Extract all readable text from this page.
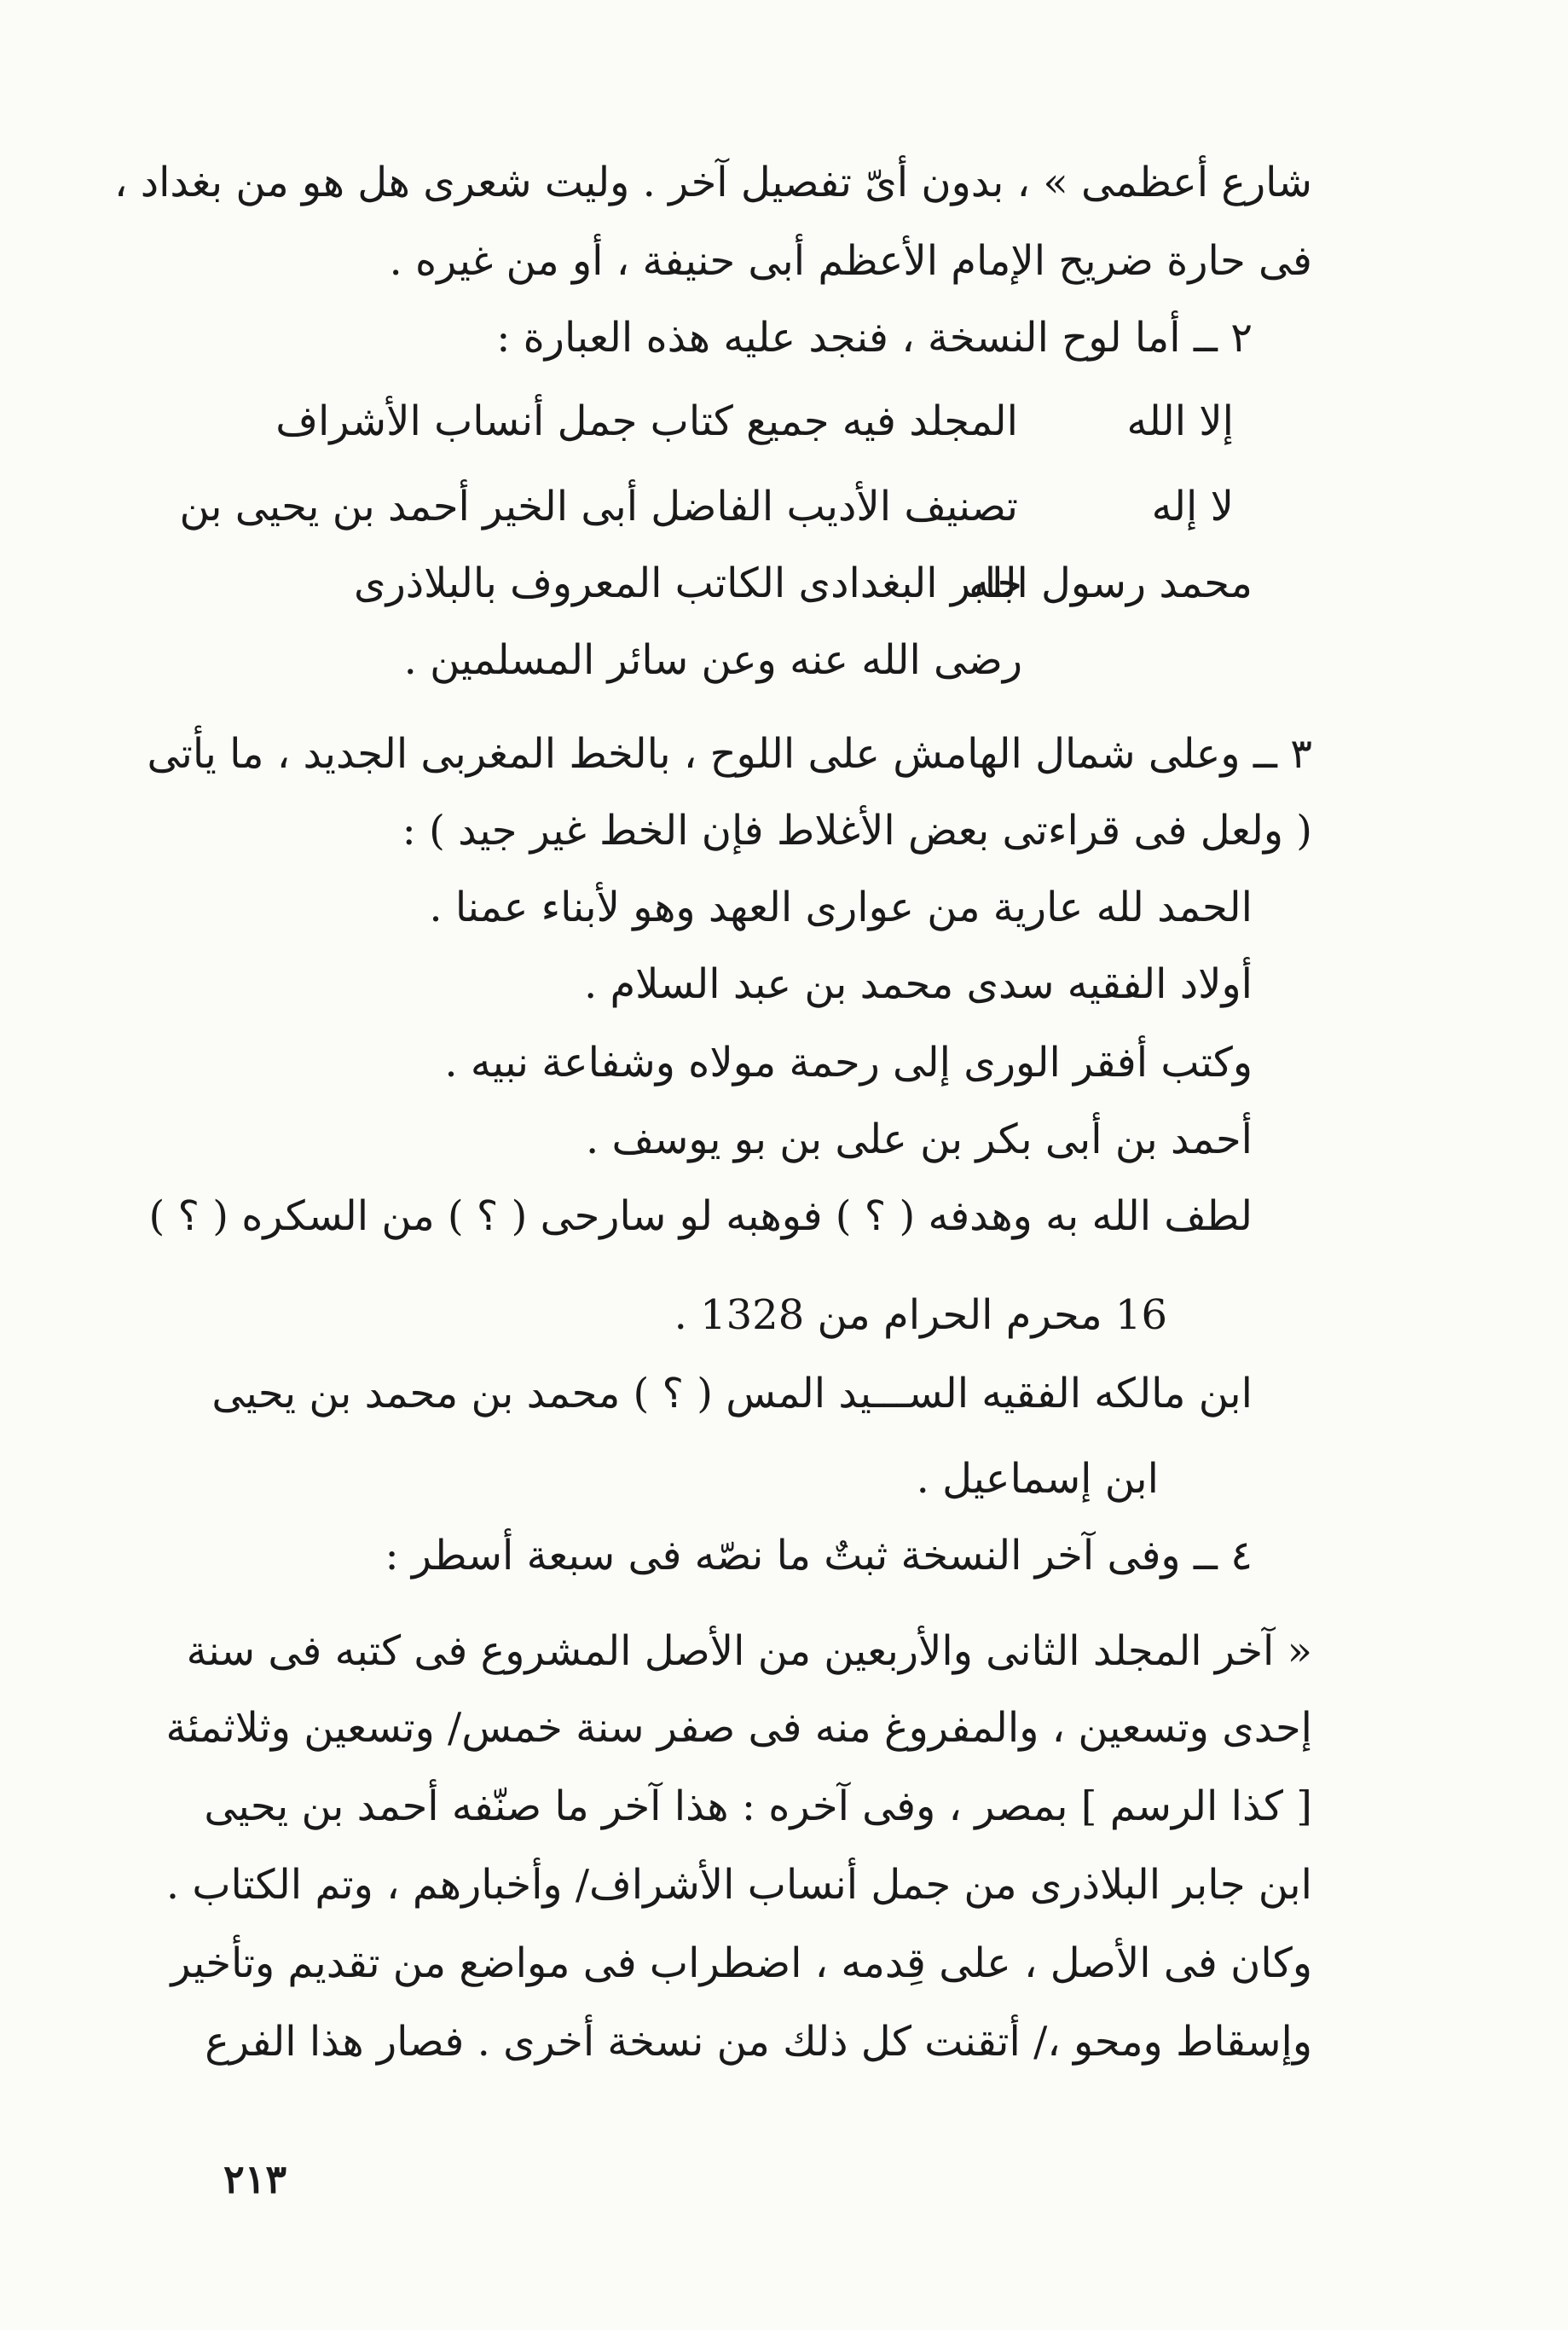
شارع أعظمى » ، بدون أىّ تفصيل آخر . وليت شعرى هل هو من بغداد ،
فى حارة ضريح الإمام الأعظم أبى حنيفة ، أو من غيره .
٢ ــ أما لوح النسخة ، فنجد عليه هذه العبارة :
إلا الله
المجلد فيه جميع كتاب جمل أنساب الأشراف
لا إله
تصنيف الأديب الفاضل أبى الخير أحمد بن يحيى بن
محمد رسول الله
جابر البغدادى الكاتب المعروف بالبلاذرى
رضى الله عنه وعن سائر المسلمين .
٣ ــ وعلى شمال الهامش على اللوح ، بالخط المغربى الجديد ، ما يأتى
( ولعل فى قراءتى بعض الأغلاط فإن الخط غير جيد ) :
الحمد لله عارية من عوارى العهد وهو لأبناء عمنا .
أولاد الفقيه سدى محمد بن عبد السلام .
وكتب أفقر الورى إلى رحمة مولاه وشفاعة نبيه .
أحمد بن أبى بكر بن على بن بو يوسف .
لطف الله به وهدفه ( ؟ ) فوهبه لو سارحى ( ؟ ) من السكره ( ؟ )
16 محرم الحرام من 1328 .
ابن مالكه الفقيه الســـيد المس ( ؟ ) محمد بن محمد بن يحيى
ابن إسماعيل .
٤ ــ وفى آخر النسخة ثبتٌ ما نصّه فى سبعة أسطر :
« آخر المجلد الثانى والأربعين من الأصل المشروع فى كتبه فى سنة
إحدى وتسعين ، والمفروغ منه فى صفر سنة خمس/ وتسعين وثلاثمئة
[ كذا الرسم ] بمصر ، وفى آخره : هذا آخر ما صنّفه أحمد بن يحيى
ابن جابر البلاذرى من جمل أنساب الأشراف/ وأخبارهم ، وتم الكتاب .
وكان فى الأصل ، على قِدمه ، اضطراب فى مواضع من تقديم وتأخير
وإسقاط ومحو ،/ أتقنت كل ذلك من نسخة أخرى . فصار هذا الفرع
٢١٣
